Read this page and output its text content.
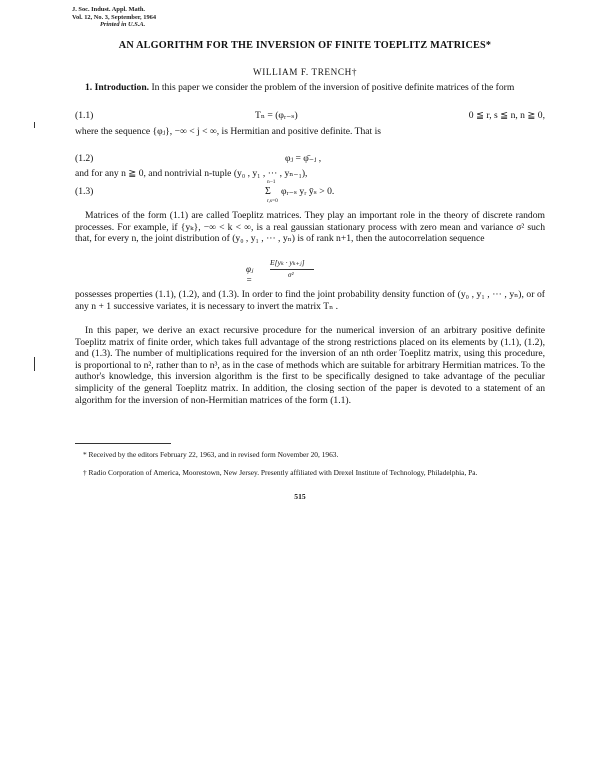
J. Soc. Indust. Appl. Math.
Vol. 12, No. 3, September, 1964
Printed in U.S.A.
AN ALGORITHM FOR THE INVERSION OF FINITE TOEPLITZ MATRICES*
WILLIAM F. TRENCH†
1. Introduction. In this paper we consider the problem of the inversion of positive definite matrices of the form
(1.1)	Tₙ = (φᵣ₋ₛ)	0 ≦ r, s ≦ n, n ≧ 0,
where the sequence {φⱼ}, −∞ < j < ∞, is Hermitian and positive definite. That is
(1.2)	φⱼ = φ̄₋ⱼ ,
and for any n ≧ 0, and nontrivial n-tuple (y₀ , y₁ , ··· , yₙ₋₁),
(1.3)	Σ
n−1
r,s=0
φᵣ₋ₛ yᵣ ȳₛ > 0.
Matrices of the form (1.1) are called Toeplitz matrices. They play an important role in the theory of discrete random processes. For example, if {yₖ}, −∞ < k < ∞, is a real gaussian stationary process with zero mean and variance σ² such that, for every n, the joint distribution of (y₀ , y₁ , ··· , yₙ) is of rank n+1, then the autocorrelation sequence
φⱼ =
E[yₖ · yₖ₊ⱼ]
σ²
possesses properties (1.1), (1.2), and (1.3). In order to find the joint probability density function of (y₀ , y₁ , ··· , yₙ), or of any n + 1 successive variates, it is necessary to invert the matrix Tₙ .
In this paper, we derive an exact recursive procedure for the numerical inversion of an arbitrary positive definite Toeplitz matrix of finite order, which takes full advantage of the strong restrictions placed on its elements by (1.1), (1.2), and (1.3). The number of multiplications required for the inversion of an nth order Toeplitz matrix, using this procedure, is proportional to n², rather than to n³, as in the case of methods which are suitable for arbitrary Hermitian matrices. To the author's knowledge, this inversion algorithm is the first to be specifically designed to take advantage of the peculiar simplicity of the general Toeplitz matrix. In addition, the closing section of the paper is devoted to a statement of an algorithm for the inversion of non-Hermitian matrices of the form (1.1).
* Received by the editors February 22, 1963, and in revised form November 20, 1963.
† Radio Corporation of America, Moorestown, New Jersey. Presently affiliated with Drexel Institute of Technology, Philadelphia, Pa.
515
